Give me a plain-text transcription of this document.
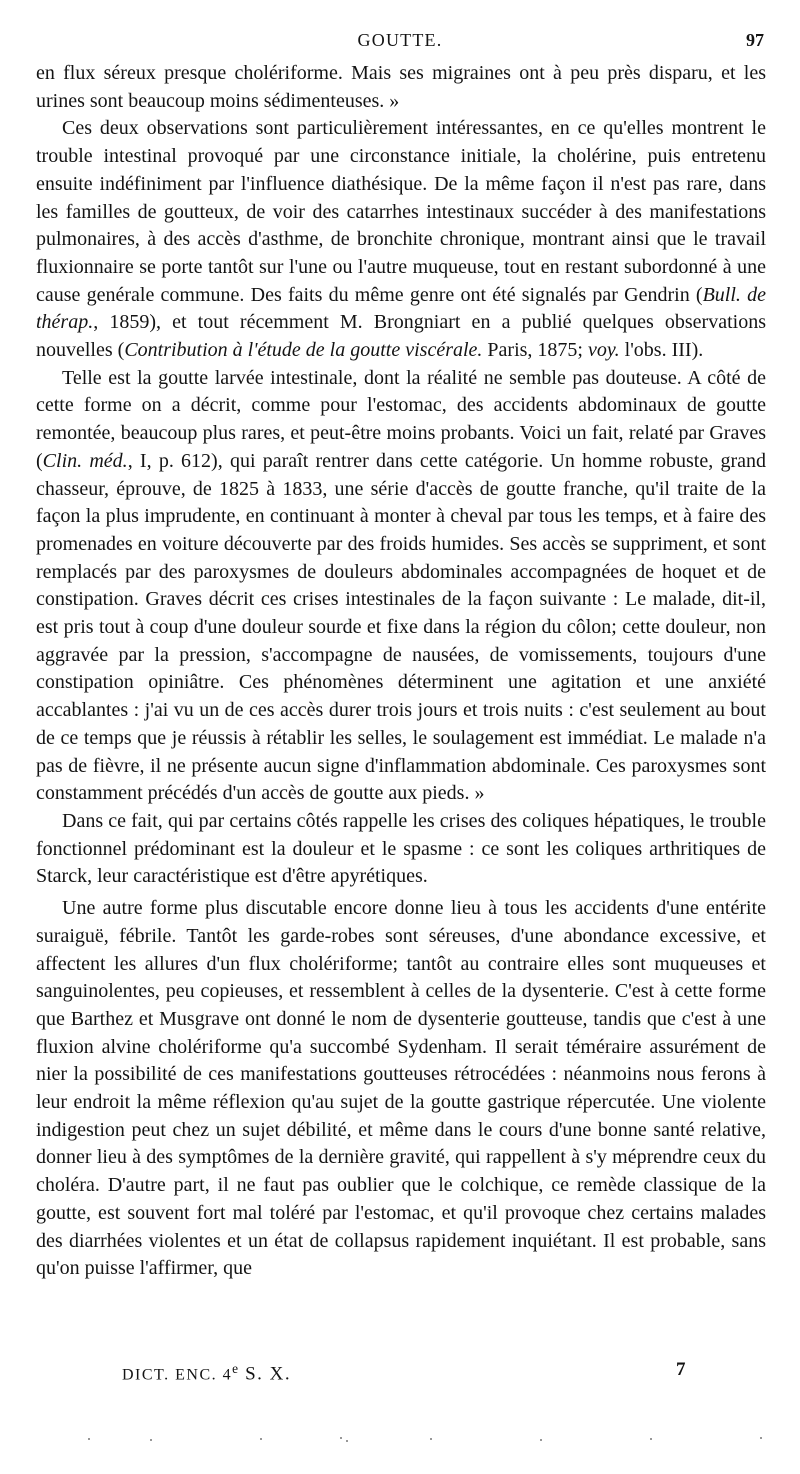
GOUTTE.	97

en flux séreux presque cholériforme. Mais ses migraines ont à peu près disparu, et les urines sont beaucoup moins sédimenteuses. »

Ces deux observations sont particulièrement intéressantes, en ce qu'elles montrent le trouble intestinal provoqué par une circonstance initiale, la cholérine, puis entretenu ensuite indéfiniment par l'influence diathésique. De la même façon il n'est pas rare, dans les familles de goutteux, de voir des catarrhes intestinaux succéder à des manifestations pulmonaires, à des accès d'asthme, de bronchite chronique, montrant ainsi que le travail fluxionnaire se porte tantôt sur l'une ou l'autre muqueuse, tout en restant subordonné à une cause genérale commune. Des faits du même genre ont été signalés par Gendrin (Bull. de thérap., 1859), et tout récemment M. Brongniart en a publié quelques observations nouvelles (Contribution à l'étude de la goutte viscérale. Paris, 1875; voy. l'obs. III).

Telle est la goutte larvée intestinale, dont la réalité ne semble pas douteuse. A côté de cette forme on a décrit, comme pour l'estomac, des accidents abdominaux de goutte remontée, beaucoup plus rares, et peut-être moins probants. Voici un fait, relaté par Graves (Clin. méd., I, p. 612), qui paraît rentrer dans cette catégorie. Un homme robuste, grand chasseur, éprouve, de 1825 à 1833, une série d'accès de goutte franche, qu'il traite de la façon la plus imprudente, en continuant à monter à cheval par tous les temps, et à faire des promenades en voiture découverte par des froids humides. Ses accès se suppriment, et sont remplacés par des paroxysmes de douleurs abdominales accompagnées de hoquet et de constipation. Graves décrit ces crises intestinales de la façon suivante : Le malade, dit-il, est pris tout à coup d'une douleur sourde et fixe dans la région du côlon; cette douleur, non aggravée par la pression, s'accompagne de nausées, de vomissements, toujours d'une constipation opiniâtre. Ces phénomènes déterminent une agitation et une anxiété accablantes : j'ai vu un de ces accès durer trois jours et trois nuits : c'est seulement au bout de ce temps que je réussis à rétablir les selles, le soulagement est immédiat. Le malade n'a pas de fièvre, il ne présente aucun signe d'inflammation abdominale. Ces paroxysmes sont constamment précédés d'un accès de goutte aux pieds. »

Dans ce fait, qui par certains côtés rappelle les crises des coliques hépatiques, le trouble fonctionnel prédominant est la douleur et le spasme : ce sont les coliques arthritiques de Starck, leur caractéristique est d'être apyrétiques.

Une autre forme plus discutable encore donne lieu à tous les accidents d'une entérite suraiguë, fébrile. Tantôt les garde-robes sont séreuses, d'une abondance excessive, et affectent les allures d'un flux cholériforme; tantôt au contraire elles sont muqueuses et sanguinolentes, peu copieuses, et ressemblent à celles de la dysenterie. C'est à cette forme que Barthez et Musgrave ont donné le nom de dysenterie goutteuse, tandis que c'est à une fluxion alvine cholériforme qu'a succombé Sydenham. Il serait téméraire assurément de nier la possibilité de ces manifestations goutteuses rétrocédées : néanmoins nous ferons à leur endroit la même réflexion qu'au sujet de la goutte gastrique répercutée. Une violente indigestion peut chez un sujet débilité, et même dans le cours d'une bonne santé relative, donner lieu à des symptômes de la dernière gravité, qui rappellent à s'y méprendre ceux du choléra. D'autre part, il ne faut pas oublier que le colchique, ce remède classique de la goutte, est souvent fort mal toléré par l'estomac, et qu'il provoque chez certains malades des diarrhées violentes et un état de collapsus rapidement inquiétant. Il est probable, sans qu'on puisse l'affirmer, que

DICT. ENC. 4e S. X.	7
